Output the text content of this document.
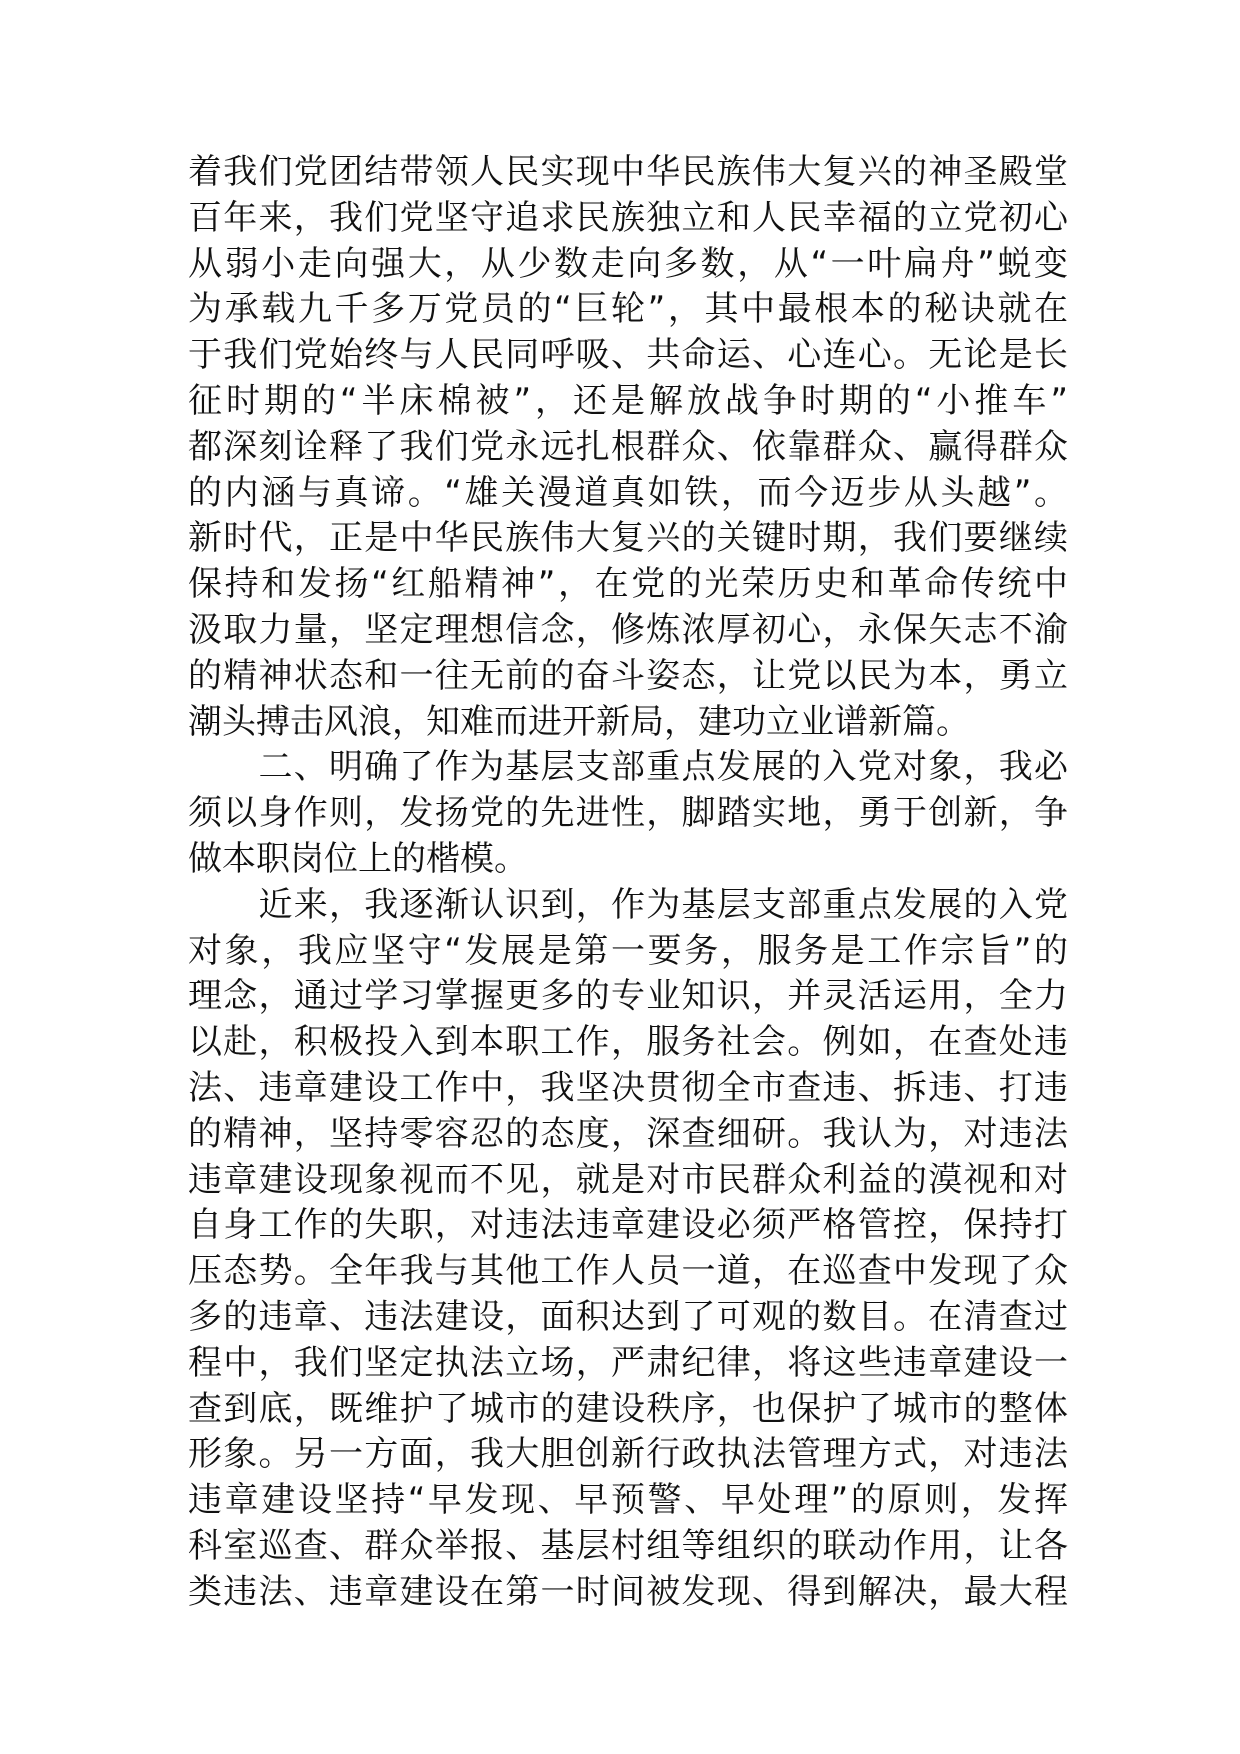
着我们党团结带领人民实现中华民族伟大复兴的神圣殿堂
百年来，我们党坚守追求民族独立和人民幸福的立党初心
从弱小走向强大，从少数走向多数，从“一叶扁舟”蜕变
为承载九千多万党员的“巨轮”，其中最根本的秘诀就在
于我们党始终与人民同呼吸、共命运、心连心。无论是长
征时期的“半床棉被”，还是解放战争时期的“小推车”
都深刻诠释了我们党永远扎根群众、依靠群众、赢得群众
的内涵与真谛。“雄关漫道真如铁，而今迈步从头越”。
新时代，正是中华民族伟大复兴的关键时期，我们要继续
保持和发扬“红船精神”，在党的光荣历史和革命传统中
汲取力量，坚定理想信念，修炼浓厚初心，永保矢志不渝
的精神状态和一往无前的奋斗姿态，让党以民为本，勇立
潮头搏击风浪，知难而进开新局，建功立业谱新篇。
　　二、明确了作为基层支部重点发展的入党对象，我必
须以身作则，发扬党的先进性，脚踏实地，勇于创新，争
做本职岗位上的楷模。
　　近来，我逐渐认识到，作为基层支部重点发展的入党
对象，我应坚守“发展是第一要务，服务是工作宗旨”的
理念，通过学习掌握更多的专业知识，并灵活运用，全力
以赴，积极投入到本职工作，服务社会。例如，在查处违
法、违章建设工作中，我坚决贯彻全市查违、拆违、打违
的精神，坚持零容忍的态度，深查细研。我认为，对违法
违章建设现象视而不见，就是对市民群众利益的漠视和对
自身工作的失职，对违法违章建设必须严格管控，保持打
压态势。全年我与其他工作人员一道，在巡查中发现了众
多的违章、违法建设，面积达到了可观的数目。在清查过
程中，我们坚定执法立场，严肃纪律，将这些违章建设一
查到底，既维护了城市的建设秩序，也保护了城市的整体
形象。另一方面，我大胆创新行政执法管理方式，对违法
违章建设坚持“早发现、早预警、早处理”的原则，发挥
科室巡查、群众举报、基层村组等组织的联动作用，让各
类违法、违章建设在第一时间被发现、得到解决，最大程
